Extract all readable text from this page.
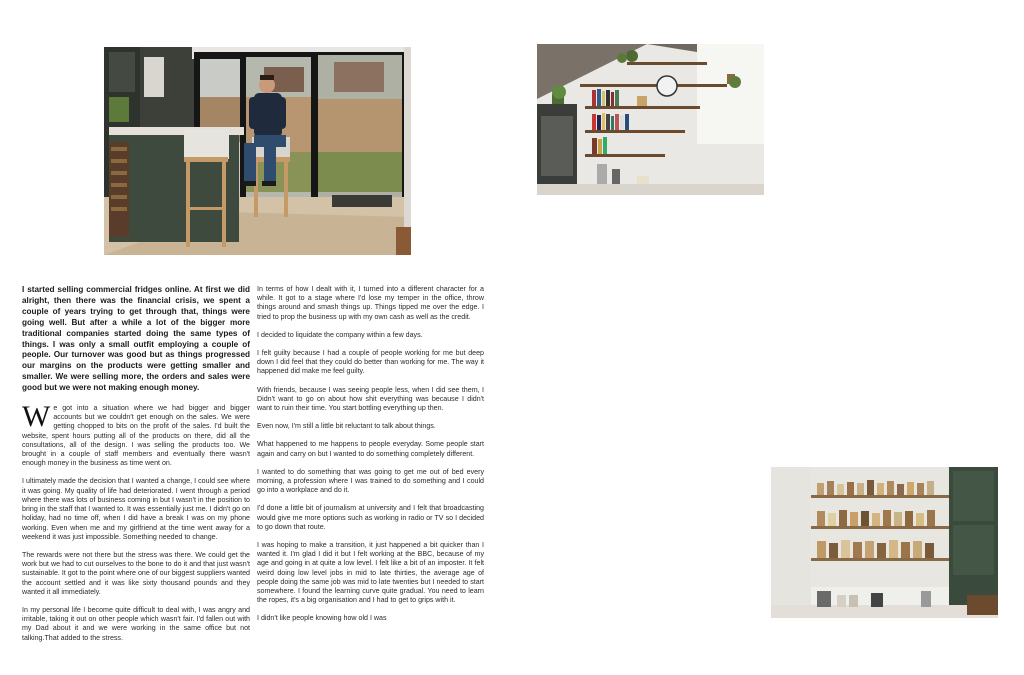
I started selling commercial fridges online. At first we did alright, then there was the financial crisis, we spent a couple of years trying to get through that, things were going well. But after a while a lot of the bigger more traditional companies started doing the same types of things. I was only a small outfit employing a couple of people. Our turnover was good but as things progressed our margins on the products were getting smaller and smaller. We were selling more, the orders and sales were good but we were not making enough money.

We got into a situation where we had bigger and bigger accounts but we couldn't get enough on the sales. We were getting chopped to bits on the profit of the sales. I'd built the website, spent hours putting all of the products on there, did all the consultations, all of the design. I was selling the products too. We brought in a couple of staff members and eventually there wasn't enough money in the business as time went on.

I ultimately made the decision that I wanted a change, I could see where it was going. My quality of life had deteriorated. I went through a period where there was lots of business coming in but I wasn't in the position to bring in the staff that I wanted to. It was essentially just me. I didn't go on holiday, had no time off, when I did have a break I was on my phone working. Even when me and my girlfriend at the time went away for a weekend it was just impossible. Something needed to change.

The rewards were not there but the stress was there. We could get the work but we had to cut ourselves to the bone to do it and that just wasn't sustainable. It got to the point where one of our biggest suppliers wanted the account settled and it was like sixty thousand pounds and they wanted it all immediately.

In my personal life I become quite difficult to deal with, I was angry and irritable, taking it out on other people which wasn't fair. I'd fallen out with my Dad about it and we were working in the same office but not talking.That added to the stress.

In terms of how I dealt with it, I turned into a different character for a while. It got to a stage where I'd lose my temper in the office, throw things around and smash things up. Things tipped me over the edge. I tried to prop the business up with my own cash as well as the credit.

I decided to liquidate the company within a few days.

I felt guilty because I had a couple of people working for me but deep down I did feel that they could do better than working for me. The way it happened did make me feel guilty.

With friends, because I was seeing people less, when I did see them, I Didn't want to go on about how shit everything was because I didn't want to ruin their time. You start bottling everything up then.

Even now, I'm still a little bit reluctant to talk about things.

What happened to me happens to people everyday. Some people start again and carry on but I wanted to do something completely different.

I wanted to do something that was going to get me out of bed every morning, a profession where I was trained to do something and I could go into a workplace and do it.

I'd done a little bit of journalism at university and I felt that broadcasting would give me more options such as working in radio or TV so I decided to go down that route.

I was hoping to make a transition, it just happened a bit quicker than I wanted it. I'm glad I did it but I felt working at the BBC, because of my age and going in at quite a low level. I felt like a bit of an imposter. It felt weird doing low level jobs in mid to late thirties, the average age of people doing the same job was mid to late twenties but I needed to start somewhere. I found the learning curve quite gradual. You need to learn the ropes, it's a big organisation and I had to get to grips with it.

I didn't like people knowing how old I was
